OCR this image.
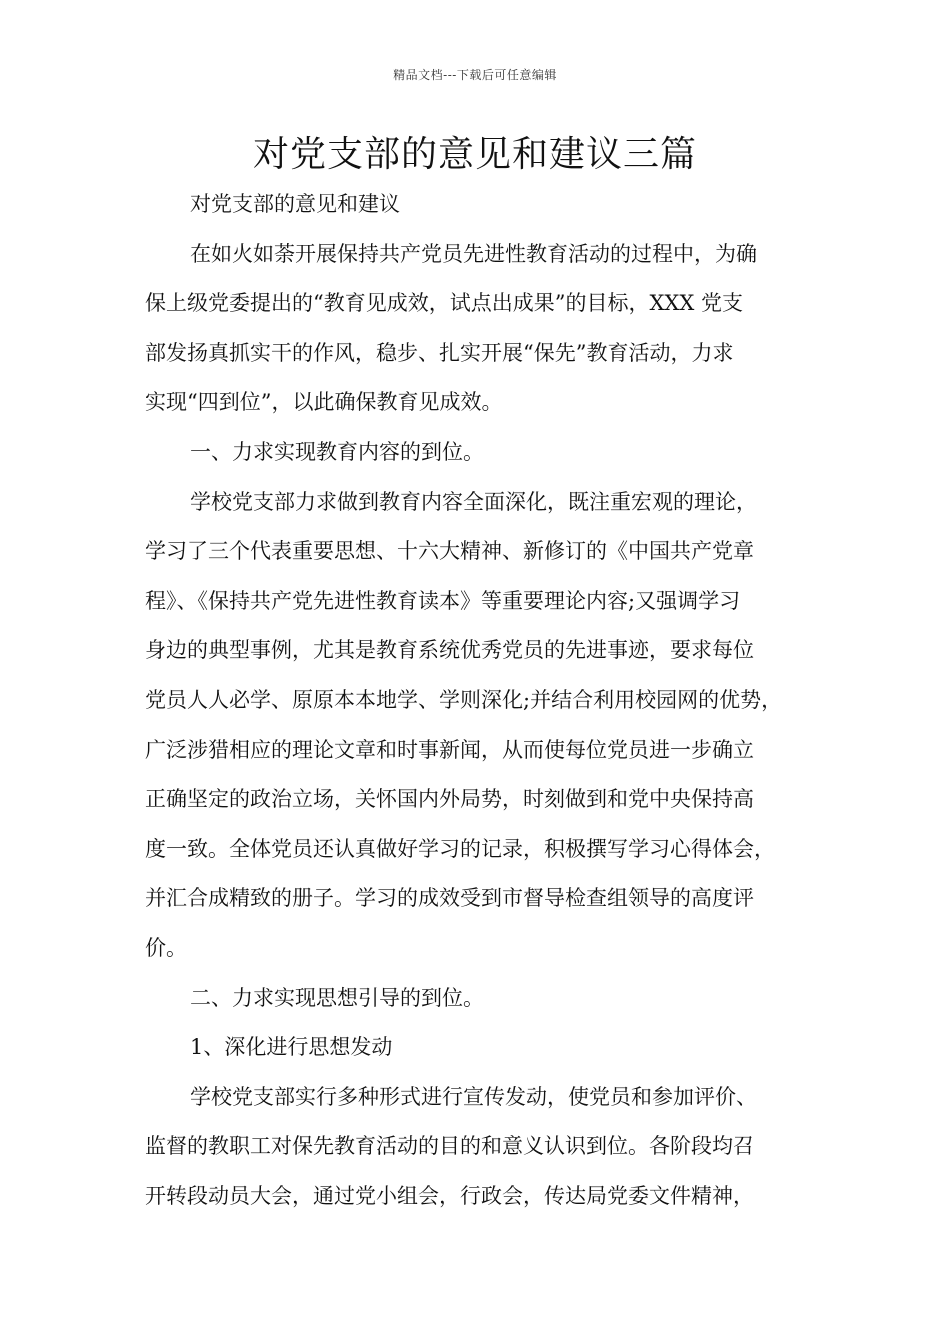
精品文档---下载后可任意编辑
对党支部的意见和建议三篇
对党支部的意见和建议
在如火如荼开展保持共产党员先进性教育活动的过程中，为确
保上级党委提出的“教育见成效，试点出成果”的目标，XXX 党支
部发扬真抓实干的作风，稳步、扎实开展“保先”教育活动，力求
实现“四到位”，以此确保教育见成效。
一、力求实现教育内容的到位。
学校党支部力求做到教育内容全面深化，既注重宏观的理论，
学习了三个代表重要思想、十六大精神、新修订的《中国共产党章
程》、《保持共产党先进性教育读本》等重要理论内容;又强调学习
身边的典型事例，尤其是教育系统优秀党员的先进事迹，要求每位
党员人人必学、原原本本地学、学则深化;并结合利用校园网的优势，
广泛涉猎相应的理论文章和时事新闻，从而使每位党员进一步确立
正确坚定的政治立场，关怀国内外局势，时刻做到和党中央保持高
度一致。全体党员还认真做好学习的记录，积极撰写学习心得体会，
并汇合成精致的册子。学习的成效受到市督导检查组领导的高度评
价。
二、力求实现思想引导的到位。
1、深化进行思想发动
学校党支部实行多种形式进行宣传发动，使党员和参加评价、
监督的教职工对保先教育活动的目的和意义认识到位。各阶段均召
开转段动员大会，通过党小组会，行政会，传达局党委文件精神，
